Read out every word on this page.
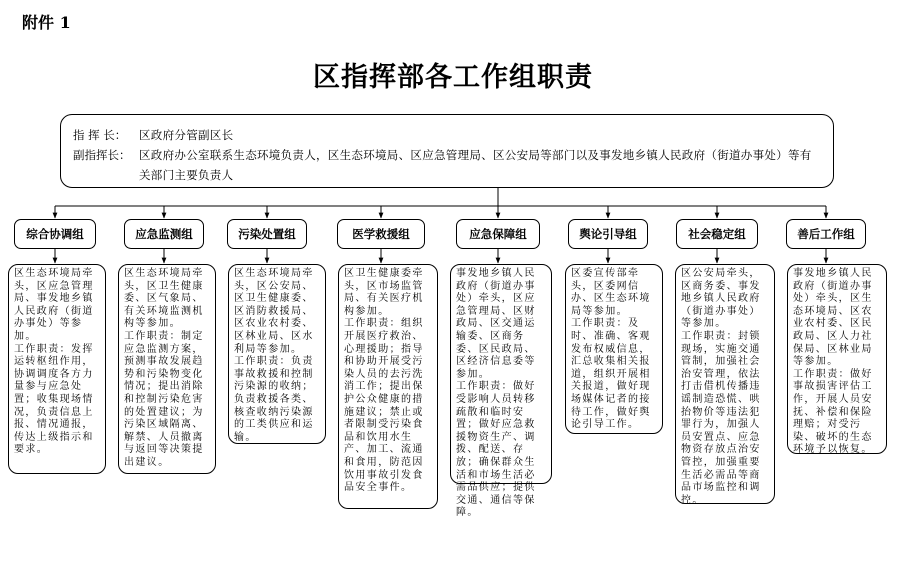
附件 1
区指挥部各工作组职责
指 挥 长：	区政府分管副区长
副指挥长： 区政府办公室联系生态环境负责人，区生态环境局、区应急管理局、区公安局等部门以及事发地乡镇人民政府（街道办事处）等有关部门主要负责人
综合协调组	应急监测组	污染处置组	医学救援组	应急保障组	舆论引导组	社会稳定组	善后工作组
区生态环境局牵头，区应急管理局、事发地乡镇人民政府（街道办事处）等参加。
工作职责：发挥运转枢纽作用，协调调度各方力量参与应急处置；收集现场情况，负责信息上报、情况通报，传达上级指示和要求。
区生态环境局牵头，区卫生健康委、区气象局、有关环境监测机构等参加。
工作职责：制定应急监测方案，预测事故发展趋势和污染物变化情况；提出消除和控制污染危害的处置建议；为污染区域隔离、解禁、人员撤离与返回等决策提出建议。
区生态环境局牵头，区公安局、区卫生健康委、区消防救援局、区农业农村委、区林业局、区水利局等参加。
工作职责：负责事故救援和控制污染源的收纳；负责救援各类、核查收纳污染源的工类供应和运输。
区卫生健康委牵头，区市场监管局、有关医疗机构参加。
工作职责：组织开展医疗救治、心理援助；指导和协助开展受污染人员的去污洗消工作；提出保护公众健康的措施建议；禁止或者限制受污染食品和饮用水生产、加工、流通和食用，防范因饮用事故引发食品安全事件。
事发地乡镇人民政府（街道办事处）牵头，区应急管理局、区财政局、区交通运输委、区商务委、区民政局、区经济信息委等参加。
工作职责：做好受影响人员转移疏散和临时安置；做好应急救援物资生产、调拨、配送、存放；确保群众生活和市场生活必需品供应；提供交通、通信等保障。
区委宣传部牵头，区委网信办、区生态环境局等参加。
工作职责：及时、准确、客观发布权威信息，汇总收集相关报道，组织开展相关报道，做好现场媒体记者的接待工作，做好舆论引导工作。
区公安局牵头，区商务委、事发地乡镇人民政府（街道办事处）等参加。
工作职责：封锁现场，实施交通管制，加强社会治安管理，依法打击借机传播违谣制造恐慌、哄抬物价等违法犯罪行为，加强人员安置点、应急物资存放点治安管控，加强重要生活必需品等商品市场监控和调控。
事发地乡镇人民政府（街道办事处）牵头，区生态环境局、区农业农村委、区民政局、区人力社保局、区林业局等参加。
工作职责：做好事故损害评估工作，开展人员安抚、补偿和保险理赔；对受污染、破坏的生态环境予以恢复。
